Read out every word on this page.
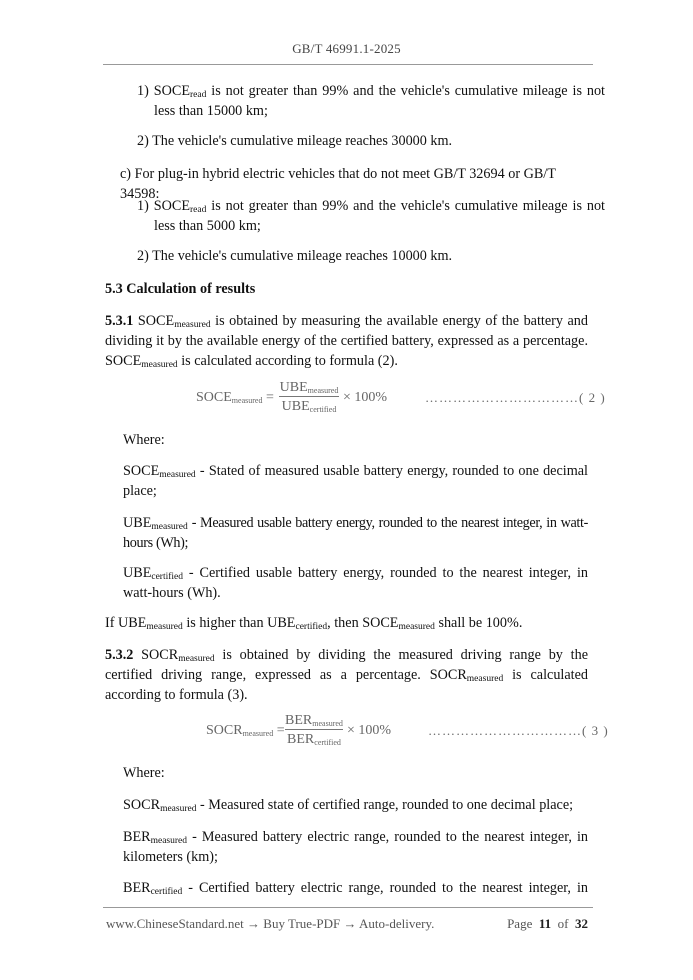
GB/T 46991.1-2025
1) $SOCE_{read}$ is not greater than 99% and the vehicle's cumulative mileage is not less than 15000 km;
2) The vehicle's cumulative mileage reaches 30000 km.
c) For plug-in hybrid electric vehicles that do not meet GB/T 32694 or GB/T 34598:
1) $SOCE_{read}$ is not greater than 99% and the vehicle's cumulative mileage is not less than 5000 km;
2) The vehicle's cumulative mileage reaches 10000 km.
5.3 Calculation of results
5.3.1 $SOCE_{measured}$ is obtained by measuring the available energy of the battery and dividing it by the available energy of the certified battery, expressed as a percentage. $SOCE_{measured}$ is calculated according to formula (2).
$SOCE_{measured}$ =
$UBE_{measured}$
$UBE_{certified}$
× 100%	……………………………( 2 )
Where:
$SOCE_{measured}$ - Stated of measured usable battery energy, rounded to one decimal place;
$UBE_{measured}$ - Measured usable battery energy, rounded to the nearest integer, in watt-hours (Wh);
$UBE_{certified}$ - Certified usable battery energy, rounded to the nearest integer, in watt-hours (Wh).
If $UBE_{measured}$ is higher than $UBE_{certified}$, then $SOCE_{measured}$ shall be 100%.
5.3.2 $SOCR_{measured}$ is obtained by dividing the measured driving range by the certified driving range, expressed as a percentage. $SOCR_{measured}$ is calculated according to formula (3).
$SOCR_{measured}$ =
$BER_{measured}$
$BER_{certified}$
× 100%	……………………………( 3 )
Where:
$SOCR_{measured}$ - Measured state of certified range, rounded to one decimal place;
$BER_{measured}$ - Measured battery electric range, rounded to the nearest integer, in kilometers (km);
$BER_{certified}$ - Certified battery electric range, rounded to the nearest integer, in
www.ChineseStandard.net → Buy True-PDF → Auto-delivery.	Page 11 of 32
